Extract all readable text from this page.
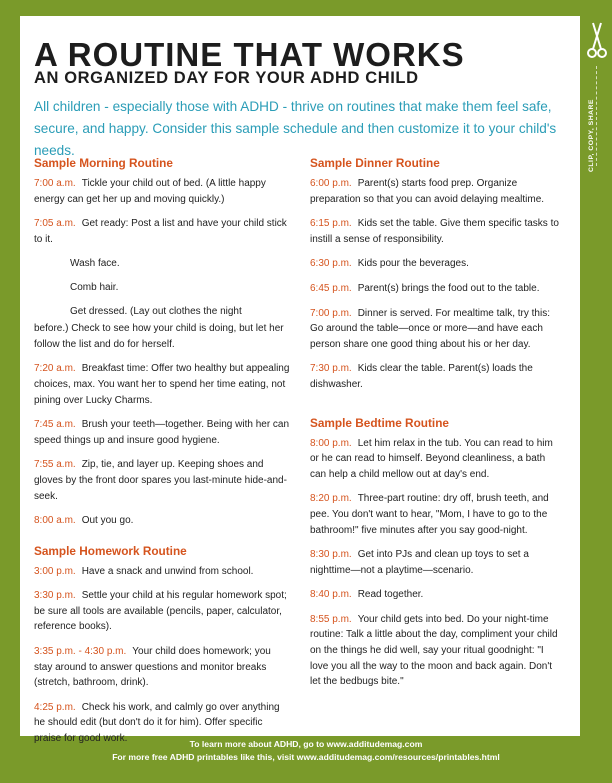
A ROUTINE THAT WORKS
AN ORGANIZED DAY FOR YOUR ADHD CHILD

All children - especially those with ADHD - thrive on routines that make them feel safe, secure, and happy. Consider this sample schedule and then customize it to your child's needs.

Sample Morning Routine

7:00 a.m. Tickle your child out of bed. (A little happy energy can get her up and moving quickly.)

7:05 a.m. Get ready: Post a list and have your child stick to it.

Wash face.

Comb hair.

Get dressed. (Lay out clothes the night

before.) Check to see how your child is doing, but let her follow the list and do for herself.

7:20 a.m. Breakfast time: Offer two healthy but appealing choices, max. You want her to spend her time eating, not pining over Lucky Charms.

7:45 a.m. Brush your teeth—together. Being with her can speed things up and insure good hygiene.

7:55 a.m. Zip, tie, and layer up. Keeping shoes and gloves by the front door spares you last-minute hide-and-seek.

8:00 a.m. Out you go.

Sample Homework Routine

3:00 p.m. Have a snack and unwind from school.

3:30 p.m. Settle your child at his regular homework spot; be sure all tools are available (pencils, paper, calculator, reference books).

3:35 p.m. - 4:30 p.m. Your child does homework; you stay around to answer questions and monitor breaks (stretch, bathroom, drink).

4:25 p.m. Check his work, and calmly go over anything he should edit (but don't do it for him). Offer specific praise for good work.

Sample Dinner Routine

6:00 p.m. Parent(s) starts food prep. Organize preparation so that you can avoid delaying mealtime.

6:15 p.m. Kids set the table. Give them specific tasks to instill a sense of responsibility.

6:30 p.m. Kids pour the beverages.

6:45 p.m. Parent(s) brings the food out to the table.

7:00 p.m. Dinner is served. For mealtime talk, try this: Go around the table—once or more—and have each person share one good thing about his or her day.

7:30 p.m. Kids clear the table. Parent(s) loads the dishwasher.

Sample Bedtime Routine

8:00 p.m. Let him relax in the tub. You can read to him or he can read to himself. Beyond cleanliness, a bath can help a child mellow out at day's end.

8:20 p.m. Three-part routine: dry off, brush teeth, and pee. You don't want to hear, "Mom, I have to go to the bathroom!" five minutes after you say good-night.

8:30 p.m. Get into PJs and clean up toys to set a nighttime—not a playtime—scenario.

8:40 p.m. Read together.

8:55 p.m. Your child gets into bed. Do your night-time routine: Talk a little about the day, compliment your child on the things he did well, say your ritual goodnight: "I love you all the way to the moon and back again. Don't let the bedbugs bite."

CLIP, COPY, SHARE
To learn more about ADHD, go to www.additudemag.com
For more free ADHD printables like this, visit www.additudemag.com/resources/printables.html
